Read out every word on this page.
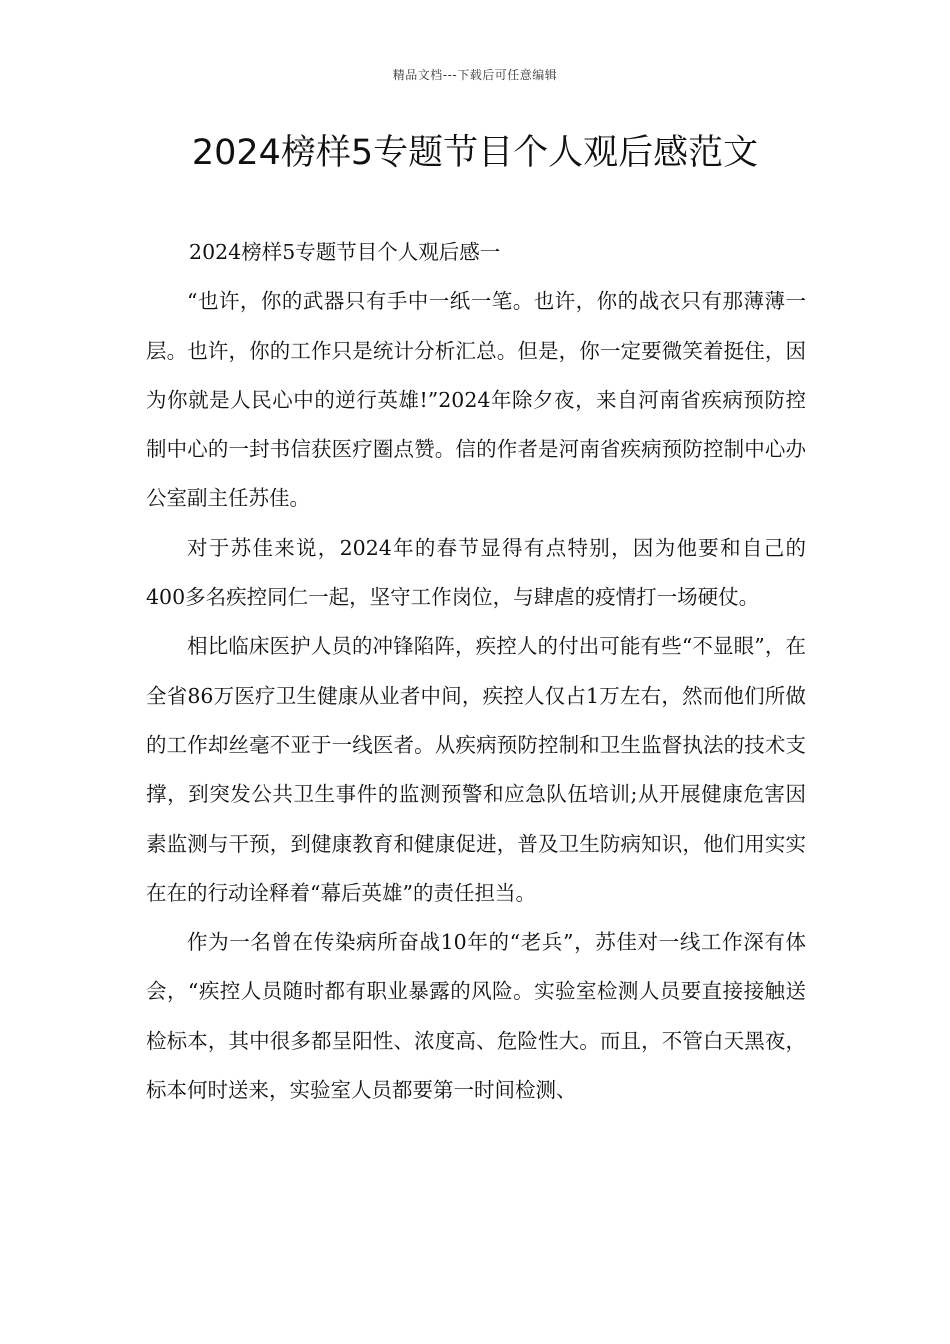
精品文档---下载后可任意编辑
2024榜样5专题节目个人观后感范文

2024榜样5专题节目个人观后感一

“也许，你的武器只有手中一纸一笔。也许，你的战衣只有那薄薄一层。也许，你的工作只是统计分析汇总。但是，你一定要微笑着挺住，因为你就是人民心中的逆行英雄!”2024年除夕夜，来自河南省疾病预防控制中心的一封书信获医疗圈点赞。信的作者是河南省疾病预防控制中心办公室副主任苏佳。

对于苏佳来说，2024年的春节显得有点特别，因为他要和自己的400多名疾控同仁一起，坚守工作岗位，与肆虐的疫情打一场硬仗。

相比临床医护人员的冲锋陷阵，疾控人的付出可能有些“不显眼”，在全省86万医疗卫生健康从业者中间，疾控人仅占1万左右，然而他们所做的工作却丝毫不亚于一线医者。从疾病预防控制和卫生监督执法的技术支撑，到突发公共卫生事件的监测预警和应急队伍培训;从开展健康危害因素监测与干预，到健康教育和健康促进，普及卫生防病知识，他们用实实在在的行动诠释着“幕后英雄”的责任担当。

作为一名曾在传染病所奋战10年的“老兵”，苏佳对一线工作深有体会，“疾控人员随时都有职业暴露的风险。实验室检测人员要直接接触送检标本，其中很多都呈阳性、浓度高、危险性大。而且，不管白天黑夜，标本何时送来，实验室人员都要第一时间检测、
